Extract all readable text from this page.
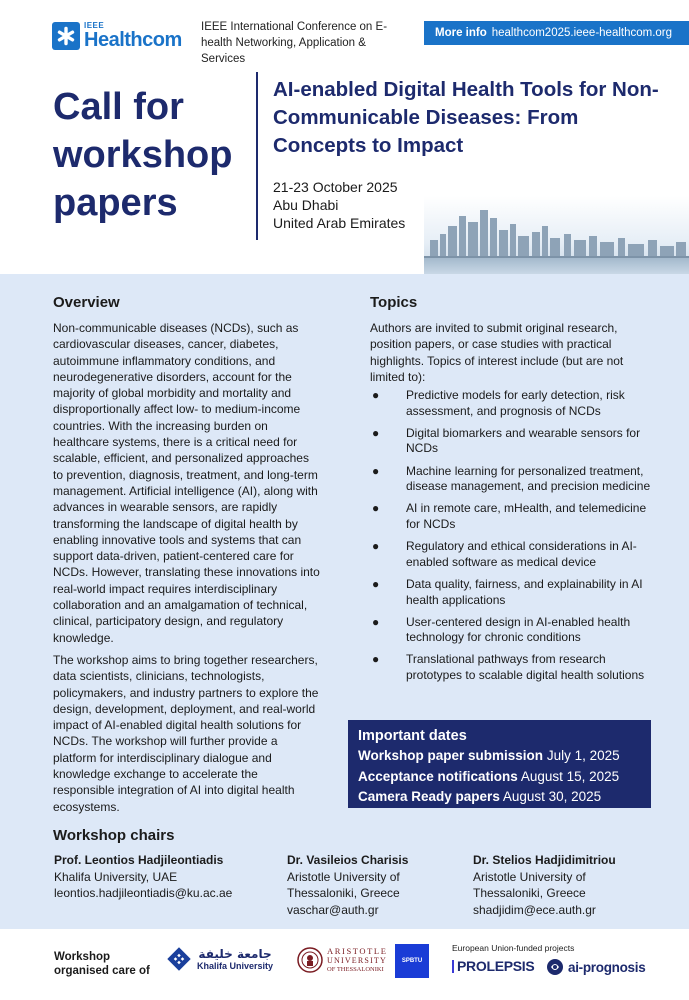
IEEE
Healthcom
IEEE International Conference on E-health Networking, Application & Services
More info healthcom2025.ieee-healthcom.org
Call for workshop papers
AI-enabled Digital Health Tools for Non-Communicable Diseases: From Concepts to Impact
21-23 October 2025
Abu Dhabi
United Arab Emirates
Overview
Non-communicable diseases (NCDs), such as cardiovascular diseases, cancer, diabetes, autoimmune inflammatory conditions, and neurodegenerative disorders, account for the majority of global morbidity and mortality and disproportionally affect low- to medium-income countries. With the increasing burden on healthcare systems, there is a critical need for scalable, efficient, and personalized approaches to prevention, diagnosis, treatment, and long-term management. Artificial intelligence (AI), along with advances in wearable sensors, are rapidly transforming the landscape of digital health by enabling innovative tools and systems that can support data-driven, patient-centered care for NCDs. However, translating these innovations into real-world impact requires interdisciplinary collaboration and an amalgamation of technical, clinical, participatory design, and regulatory knowledge.
The workshop aims to bring together researchers, data scientists, clinicians, technologists, policymakers, and industry partners to explore the design, development, deployment, and real-world impact of AI-enabled digital health solutions for NCDs. The workshop will further provide a platform for interdisciplinary dialogue and knowledge exchange to accelerate the responsible integration of AI into digital health ecosystems.
Topics
Authors are invited to submit original research, position papers, or case studies with practical highlights. Topics of interest include (but are not limited to):
● Predictive models for early detection, risk assessment, and prognosis of NCDs
● Digital biomarkers and wearable sensors for NCDs
● Machine learning for personalized treatment, disease management, and precision medicine
● AI in remote care, mHealth, and telemedicine for NCDs
● Regulatory and ethical considerations in AI-enabled software as medical device
● Data quality, fairness, and explainability in AI health applications
● User-centered design in AI-enabled health technology for chronic conditions
● Translational pathways from research prototypes to scalable digital health solutions
Important dates
Workshop paper submission July 1, 2025
Acceptance notifications August 15, 2025
Camera Ready papers August 30, 2025
Workshop chairs
Prof. Leontios Hadjileontiadis
Khalifa University, UAE
leontios.hadjileontiadis@ku.ac.ae
Dr. Vasileios Charisis
Aristotle University of
Thessaloniki, Greece
vaschar@auth.gr
Dr. Stelios Hadjidimitriou
Aristotle University of
Thessaloniki, Greece
shadjidim@ece.auth.gr
Workshop organised care of
جامعة خليفة
Khalifa University
ARISTOTLE
UNIVERSITY
OF THESSALONIKI
SPBTU
European Union-funded projects
PROLEPSIS ai-prognosis
